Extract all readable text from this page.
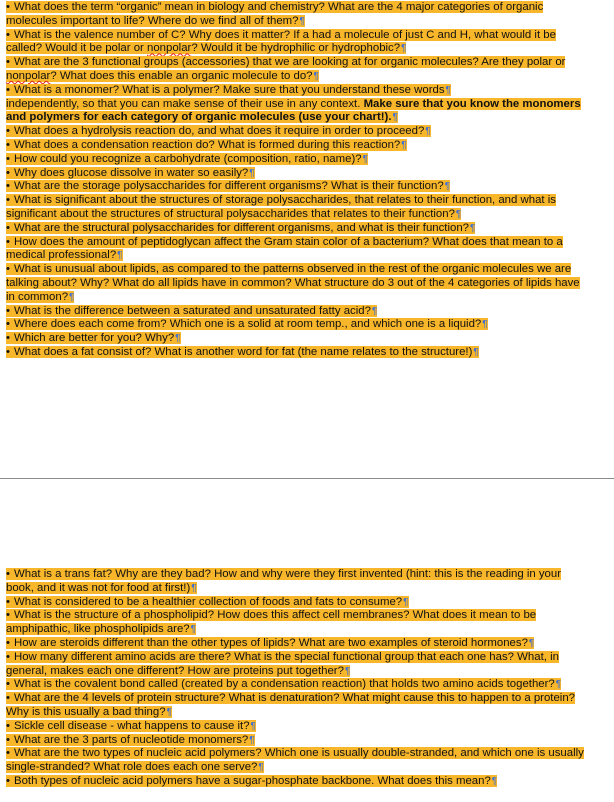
• What does the term “organic” mean in biology and chemistry? What are the 4 major categories of organic molecules important to life? Where do we find all of them?¶

• What is the valence number of C? Why does it matter? If a had a molecule of just C and H, what would it be called? Would it be polar or nonpolar? Would it be hydrophilic or hydrophobic?¶

• What are the 3 functional groups (accessories) that we are looking at for organic molecules? Are they polar or nonpolar? What does this enable an organic molecule to do?¶

• What is a monomer? What is a polymer? Make sure that you understand these words¶

independently, so that you can make sense of their use in any context. Make sure that you know the monomers and polymers for each category of organic molecules (use your chart!).¶

• What does a hydrolysis reaction do, and what does it require in order to proceed?¶

• What does a condensation reaction do? What is formed during this reaction?¶

• How could you recognize a carbohydrate (composition, ratio, name)?¶

• Why does glucose dissolve in water so easily?¶

• What are the storage polysaccharides for different organisms? What is their function?¶

• What is significant about the structures of storage polysaccharides, that relates to their function, and what is significant about the structures of structural polysaccharides that relates to their function?¶

• What are the structural polysaccharides for different organisms, and what is their function?¶

• How does the amount of peptidoglycan affect the Gram stain color of a bacterium? What does that mean to a medical professional?¶

• What is unusual about lipids, as compared to the patterns observed in the rest of the organic molecules we are talking about? Why? What do all lipids have in common? What structure do 3 out of the 4 categories of lipids have in common?¶

• What is the difference between a saturated and unsaturated fatty acid?¶

• Where does each come from? Which one is a solid at room temp., and which one is a liquid?¶

• Which are better for you? Why?¶

• What does a fat consist of? What is another word for fat (the name relates to the structure!)¶

• What is a trans fat? Why are they bad? How and why were they first invented (hint: this is the reading in your book, and it was not for food at first!)¶

• What is considered to be a healthier collection of foods and fats to consume?¶

• What is the structure of a phospholipid? How does this affect cell membranes? What does it mean to be amphipathic, like phospholipids are?¶

• How are steroids different than the other types of lipids? What are two examples of steroid hormones?¶

• How many different amino acids are there? What is the special functional group that each one has? What, in general, makes each one different? How are proteins put together?¶

• What is the covalent bond called (created by a condensation reaction) that holds two amino acids together?¶

• What are the 4 levels of protein structure? What is denaturation? What might cause this to happen to a protein? Why is this usually a bad thing?¶

• Sickle cell disease - what happens to cause it?¶

• What are the 3 parts of nucleotide monomers?¶

• What are the two types of nucleic acid polymers? Which one is usually double-stranded, and which one is usually single-stranded? What role does each one serve?¶

• Both types of nucleic acid polymers have a sugar-phosphate backbone. What does this mean?¶
